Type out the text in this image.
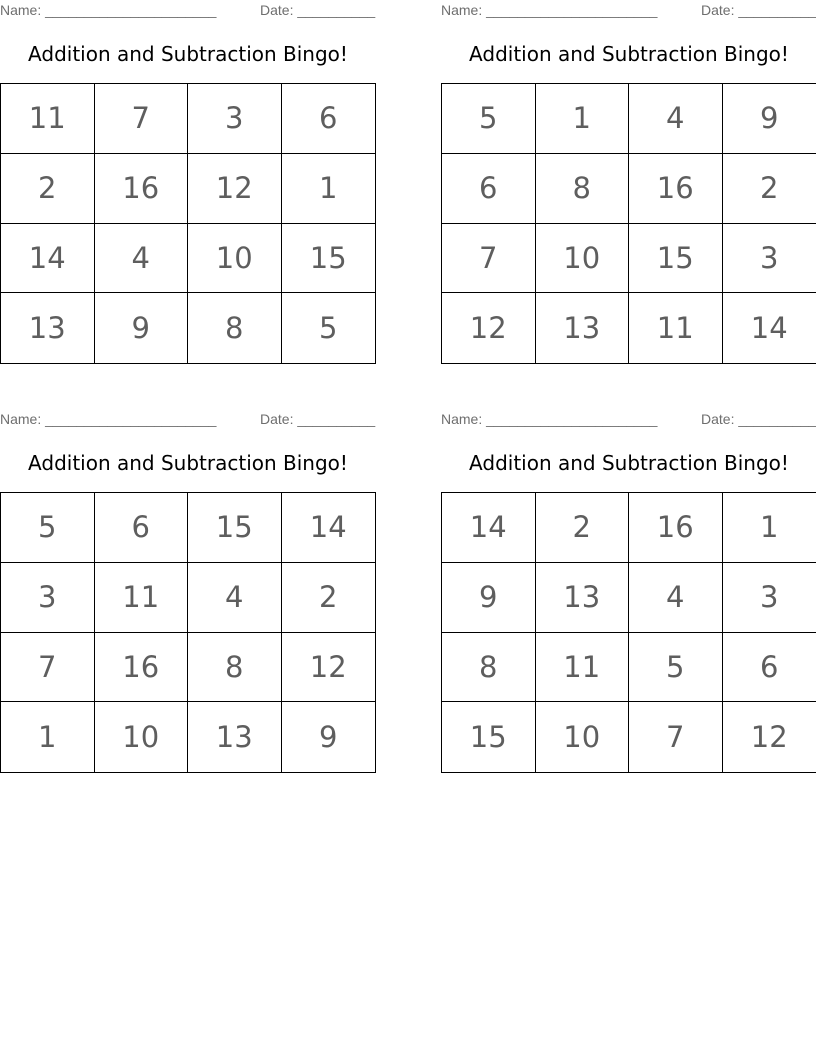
Name: ______________________	Date: __________
Addition and Subtraction Bingo!
11	7	3	6
2	16	12	1
14	4	10	15
13	9	8	5
Name: ______________________	Date: __________
Addition and Subtraction Bingo!
5	1	4	9
6	8	16	2
7	10	15	3
12	13	11	14
Name: ______________________	Date: __________
Addition and Subtraction Bingo!
5	6	15	14
3	11	4	2
7	16	8	12
1	10	13	9
Name: ______________________	Date: __________
Addition and Subtraction Bingo!
14	2	16	1
9	13	4	3
8	11	5	6
15	10	7	12
